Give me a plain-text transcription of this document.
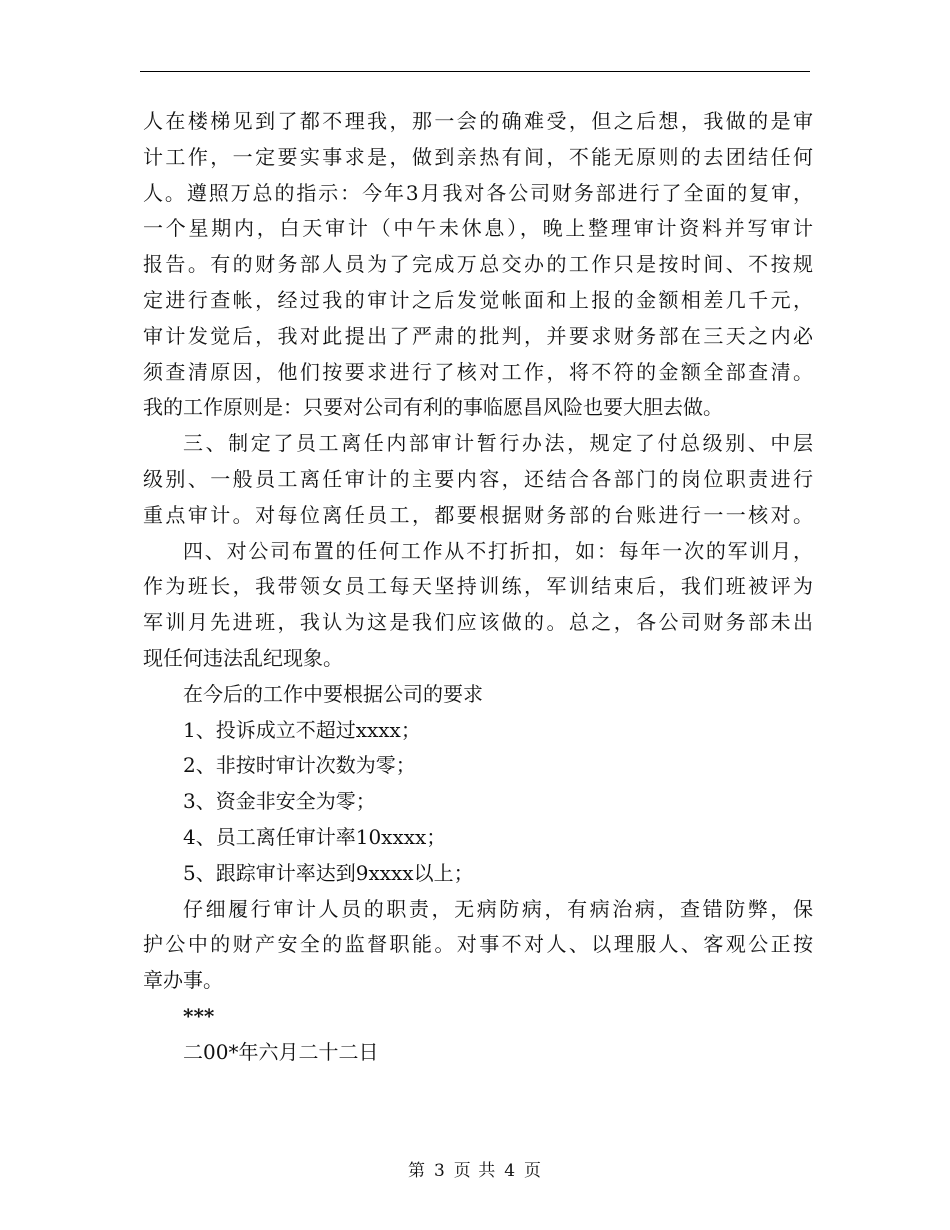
人在楼梯见到了都不理我，那一会的确难受，但之后想，我做的是审
计工作，一定要实事求是，做到亲热有间，不能无原则的去团结任何
人。遵照万总的指示：今年3月我对各公司财务部进行了全面的复审，
一个星期内，白天审计（中午未休息），晚上整理审计资料并写审计
报告。有的财务部人员为了完成万总交办的工作只是按时间、不按规
定进行查帐，经过我的审计之后发觉帐面和上报的金额相差几千元，
审计发觉后，我对此提出了严肃的批判，并要求财务部在三天之内必
须查清原因，他们按要求进行了核对工作，将不符的金额全部查清。
我的工作原则是：只要对公司有利的事临愿昌风险也要大胆去做。
三、制定了员工离任内部审计暂行办法，规定了付总级别、中层
级别、一般员工离任审计的主要内容，还结合各部门的岗位职责进行
重点审计。对每位离任员工，都要根据财务部的台账进行一一核对。
四、对公司布置的任何工作从不打折扣，如：每年一次的军训月，
作为班长，我带领女员工每天坚持训练，军训结束后，我们班被评为
军训月先进班，我认为这是我们应该做的。总之，各公司财务部未出
现任何违法乱纪现象。
在今后的工作中要根据公司的要求
1、投诉成立不超过xxxx；
2、非按时审计次数为零；
3、资金非安全为零；
4、员工离任审计率10xxxx；
5、跟踪审计率达到9xxxx以上；
仔细履行审计人员的职责，无病防病，有病治病，查错防弊，保
护公中的财产安全的监督职能。对事不对人、以理服人、客观公正按
章办事。
***
二00*年六月二十二日
第 3 页 共 4 页
